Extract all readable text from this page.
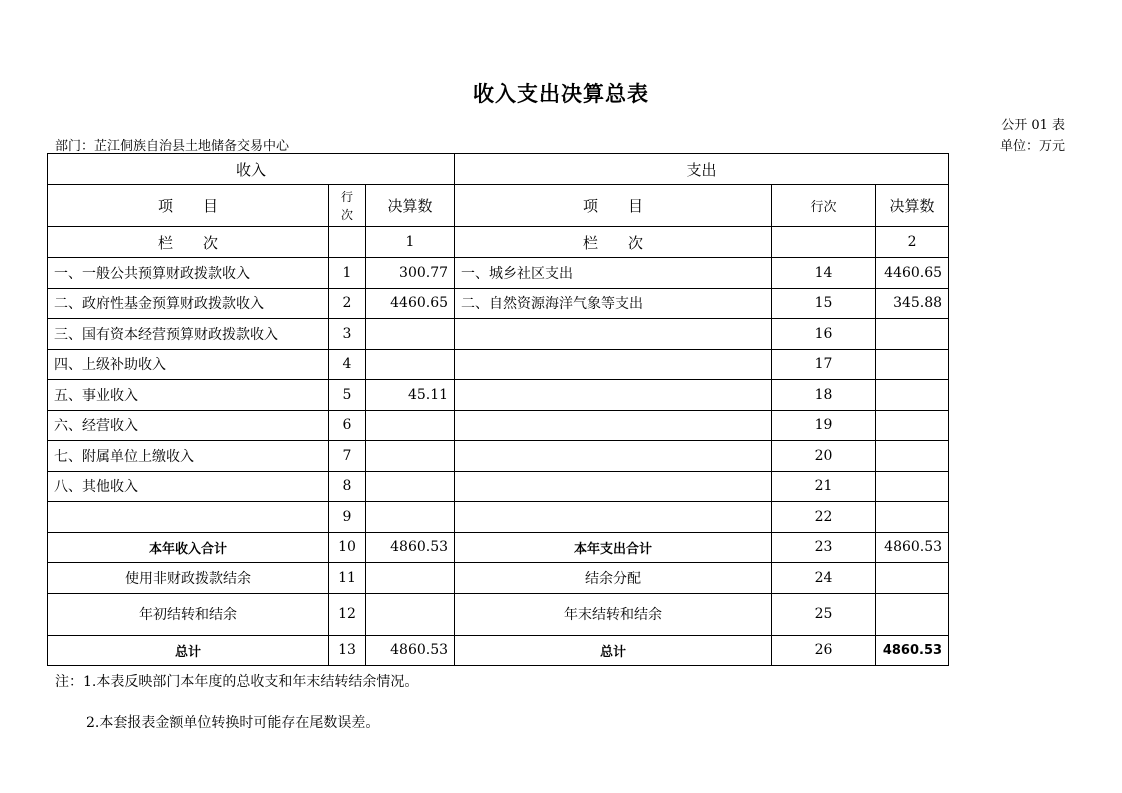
收入支出决算总表
公开 01 表
部门：芷江侗族自治县土地储备交易中心	单位：万元
收入			支出		
项　　目	行
次	决算数	项　　目	行次	决算数
栏　　次		1	栏　　次		2
一、一般公共预算财政拨款收入	1	300.77	一、城乡社区支出	14	4460.65
二、政府性基金预算财政拨款收入	2	4460.65	二、自然资源海洋气象等支出	15	345.88
三、国有资本经营预算财政拨款收入	3			16	
四、上级补助收入	4			17	
五、事业收入	5	45.11		18	
六、经营收入	6			19	
七、附属单位上缴收入	7			20	
八、其他收入	8			21	
	9			22	
本年收入合计	10	4860.53	本年支出合计	23	4860.53
使用非财政拨款结余	11		结余分配	24	
年初结转和结余	12		年末结转和结余	25	
总计	13	4860.53	总计	26	4860.53
注：1.本表反映部门本年度的总收支和年末结转结余情况。
2.本套报表金额单位转换时可能存在尾数误差。
